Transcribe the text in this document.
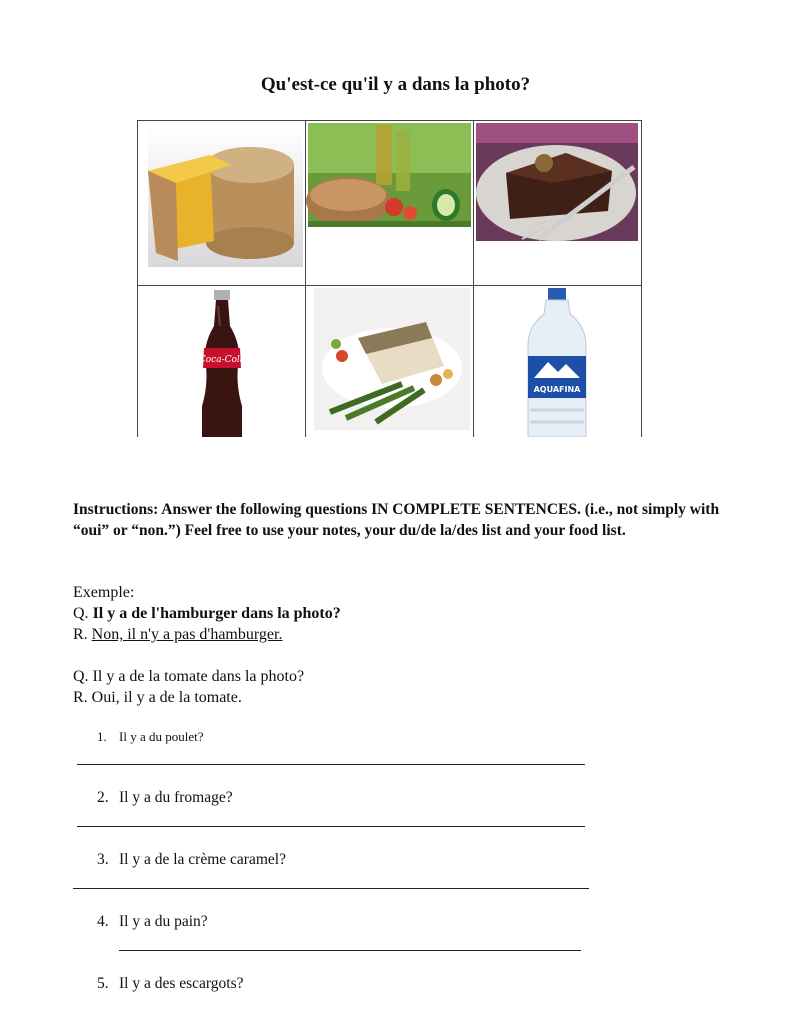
Qu'est-ce qu'il y a dans la photo?

Coca-Cola		AQUAFINA
Instructions: Answer the following questions IN COMPLETE SENTENCES. (i.e., not simply with “oui” or “non.”) Feel free to use your notes, your du/de la/des list and your food list.
Exemple:
Q. Il y a de l'hamburger dans la photo?
R. Non, il n'y a pas d'hamburger.
Q. Il y a de la tomate dans la photo?
R. Oui, il y a de la tomate.
1. Il y a du poulet?
2. Il y a du fromage?
3. Il y a de la crème caramel?
4. Il y a du pain?
5. Il y a des escargots?
